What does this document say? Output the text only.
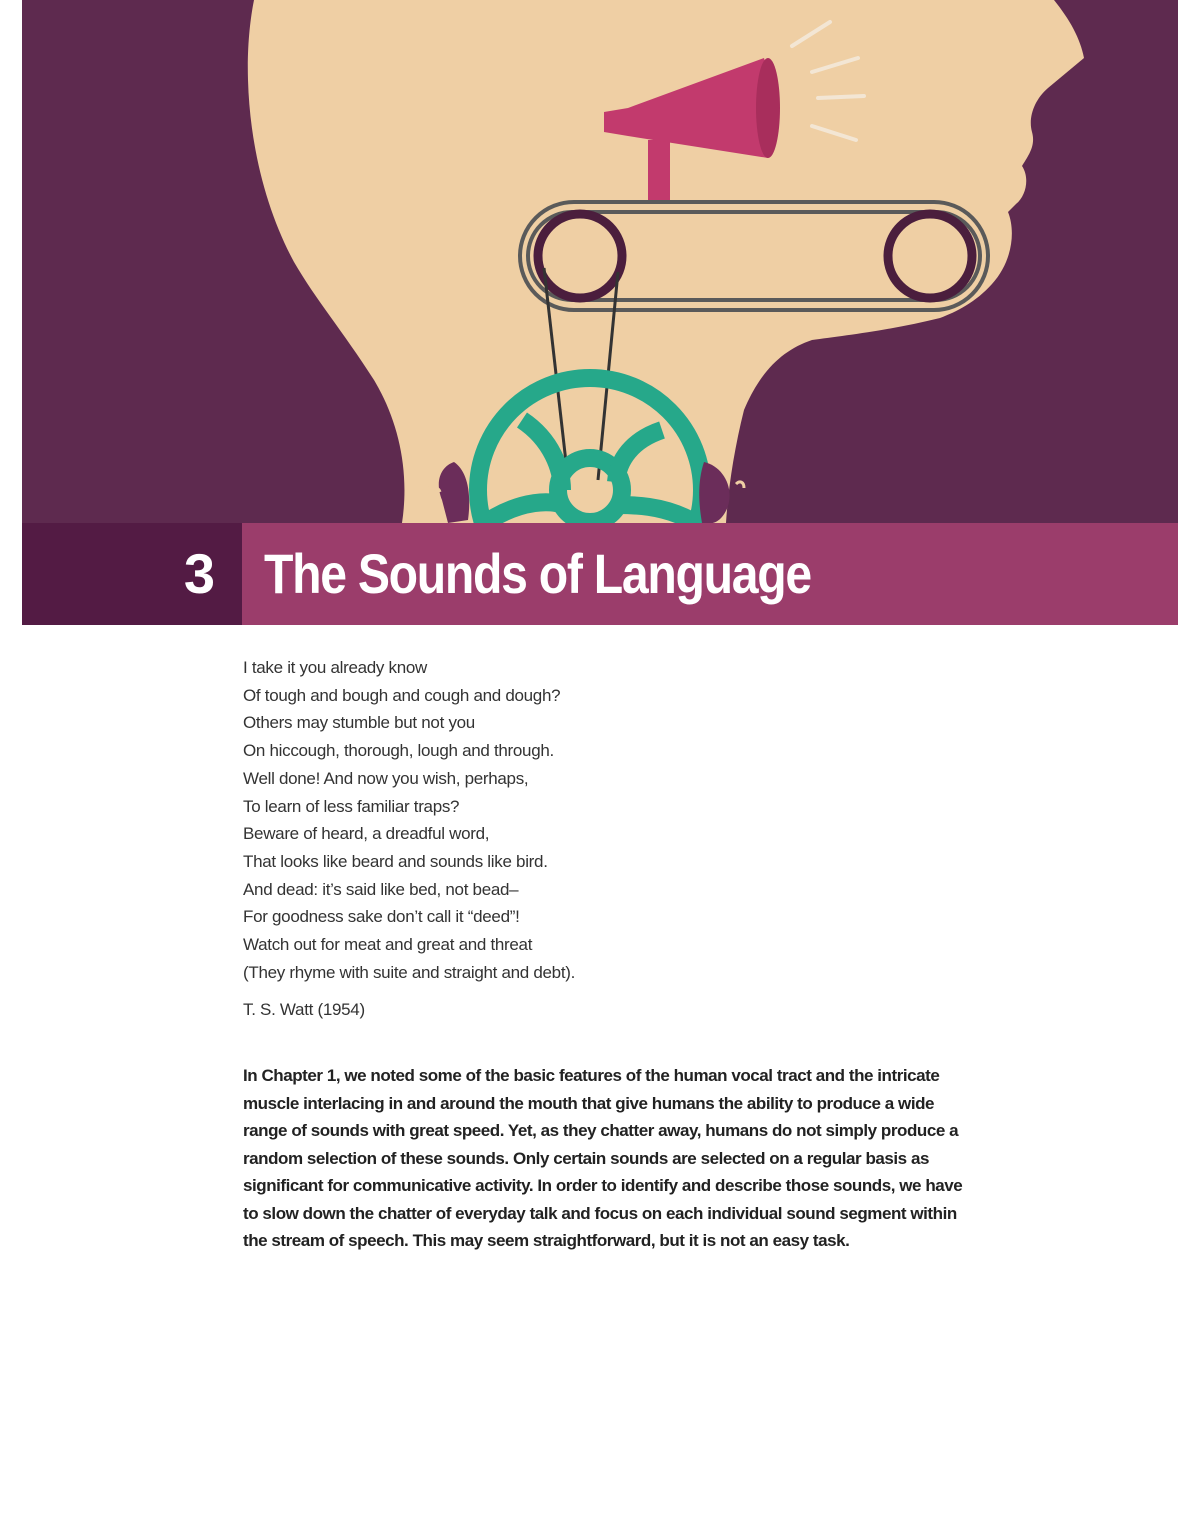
3 The Sounds of Language
I take it you already know
Of tough and bough and cough and dough?
Others may stumble but not you
On hiccough, thorough, lough and through.
Well done! And now you wish, perhaps,
To learn of less familiar traps?
Beware of heard, a dreadful word,
That looks like beard and sounds like bird.
And dead: it’s said like bed, not bead–
For goodness sake don’t call it “deed”!
Watch out for meat and great and threat
(They rhyme with suite and straight and debt).
T. S. Watt (1954)
In Chapter 1, we noted some of the basic features of the human vocal tract and the intricate
muscle interlacing in and around the mouth that give humans the ability to produce a wide
range of sounds with great speed. Yet, as they chatter away, humans do not simply produce a
random selection of these sounds. Only certain sounds are selected on a regular basis as
significant for communicative activity. In order to identify and describe those sounds, we have
to slow down the chatter of everyday talk and focus on each individual sound segment within
the stream of speech. This may seem straightforward, but it is not an easy task.
